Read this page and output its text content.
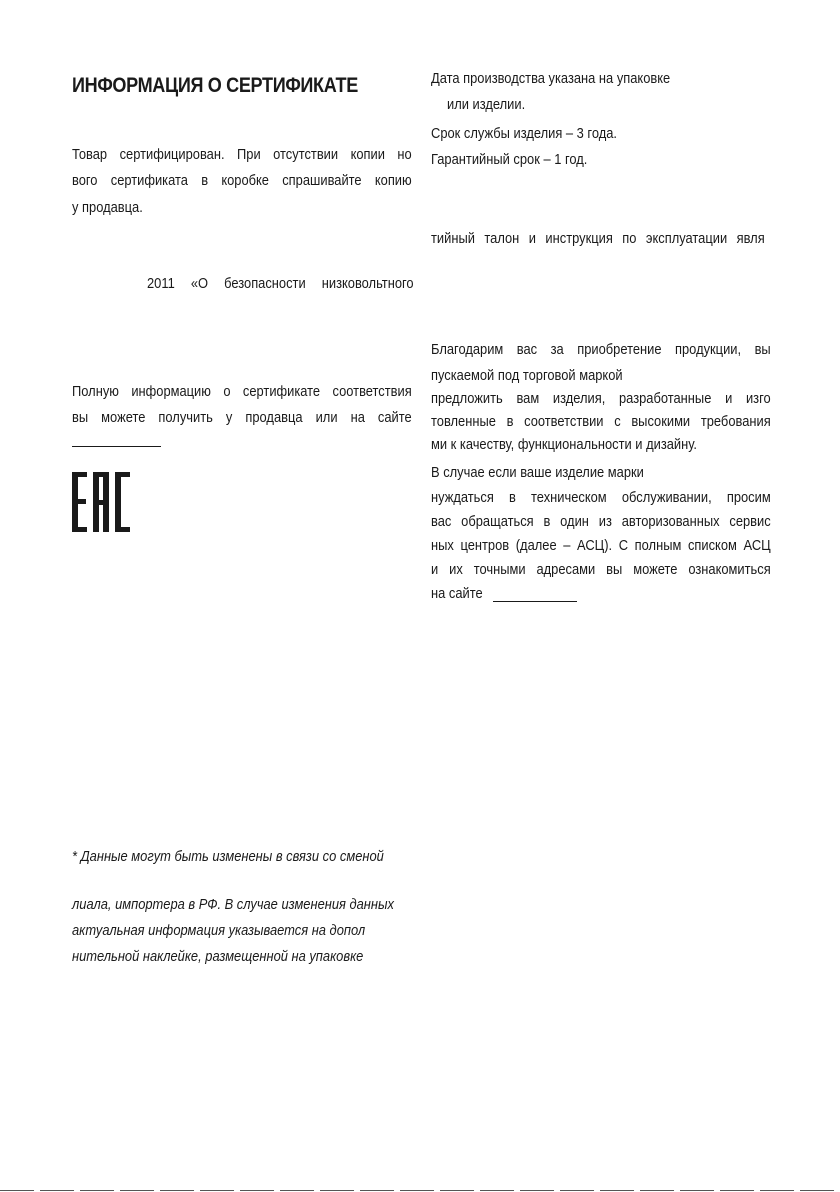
ИНФОРМАЦИЯ О СЕРТИФИКАТЕ
Товар сертифицирован. При отсутствии копии но
вого сертификата в коробке спрашивайте копию
у продавца.
2011 «О безопасности низковольтного
Полную информацию о сертификате соответствия
вы можете получить у продавца или на сайте
* Данные могут быть изменены в связи со сменой
лиала, импортера в РФ. В случае изменения данных
актуальная информация указывается на допол
нительной наклейке, размещенной на упаковке
Дата производства указана на упаковке
или изделии.
Срок службы изделия – 3 года.
Гарантийный срок – 1 год.
тийный талон и инструкция по эксплуатации явля
Благодарим вас за приобретение продукции, вы
пускаемой под торговой маркой
предложить вам изделия, разработанные и изго
товленные в соответствии с высокими требования
ми к качеству, функциональности и дизайну.
В случае если ваше изделие марки
нуждаться в техническом обслуживании, просим
вас обращаться в один из авторизованных сервис
ных центров (далее – АСЦ). С полным списком АСЦ
и их точными адресами вы можете ознакомиться
на сайте
